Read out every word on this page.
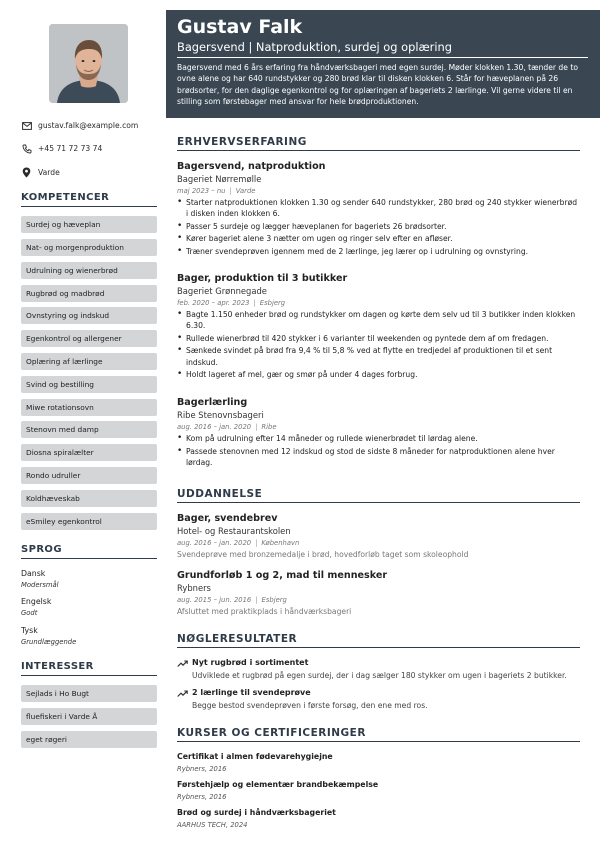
gustav.falk@example.com
+45 71 72 73 74
Varde
KOMPETENCER
Surdej og hæveplan
Nat- og morgenproduktion
Udrulning og wienerbrød
Rugbrød og madbrød
Ovnstyring og indskud
Egenkontrol og allergener
Oplæring af lærlinge
Svind og bestilling
Miwe rotationsovn
Stenovn med damp
Diosna spiralælter
Rondo udruller
Koldhæveskab
eSmiley egenkontrol
SPROG
Dansk
Modersmål
Engelsk
Godt
Tysk
Grundlæggende
INTERESSER
Sejlads i Ho Bugt
fluefiskeri i Varde Å
eget røgeri
Gustav Falk
Bagersvend | Natproduktion, surdej og oplæring
Bagersvend med 6 års erfaring fra håndværksbageri med egen surdej. Møder klokken 1.30, tænder de to ovne alene og har 640 rundstykker og 280 brød klar til disken klokken 6. Står for hæveplanen på 26 brødsorter, for den daglige egenkontrol og for oplæringen af bageriets 2 lærlinge. Vil gerne videre til en stilling som førstebager med ansvar for hele brødproduktionen.
ERHVERVSERFARING
Bagersvend, natproduktion
Bageriet Nørremølle
maj 2023 – nu | Varde
• Starter natproduktionen klokken 1.30 og sender 640 rundstykker, 280 brød og 240 stykker wienerbrød i disken inden klokken 6.
• Passer 5 surdeje og lægger hæveplanen for bageriets 26 brødsorter.
• Kører bageriet alene 3 nætter om ugen og ringer selv efter en afløser.
• Træner svendeprøven igennem med de 2 lærlinge, jeg lærer op i udrulning og ovnstyring.
Bager, produktion til 3 butikker
Bageriet Grønnegade
feb. 2020 – apr. 2023 | Esbjerg
• Bagte 1.150 enheder brød og rundstykker om dagen og kørte dem selv ud til 3 butikker inden klokken 6.30.
• Rullede wienerbrød til 420 stykker i 6 varianter til weekenden og pyntede dem af om fredagen.
• Sænkede svindet på brød fra 9,4 % til 5,8 % ved at flytte en tredjedel af produktionen til et sent indskud.
• Holdt lageret af mel, gær og smør på under 4 dages forbrug.
Bagerlærling
Ribe Stenovnsbageri
aug. 2016 – jan. 2020 | Ribe
• Kom på udrulning efter 14 måneder og rullede wienerbrødet til lørdag alene.
• Passede stenovnen med 12 indskud og stod de sidste 8 måneder for natproduktionen alene hver lørdag.
UDDANNELSE
Bager, svendebrev
Hotel- og Restaurantskolen
aug. 2016 – jan. 2020 | København
Svendeprøve med bronzemedalje i brød, hovedforløb taget som skoleophold
Grundforløb 1 og 2, mad til mennesker
Rybners
aug. 2015 – jun. 2016 | Esbjerg
Afsluttet med praktikplads i håndværksbageri
NØGLERESULTATER
Nyt rugbrød i sortimentet
Udviklede et rugbrød på egen surdej, der i dag sælger 180 stykker om ugen i bageriets 2 butikker.
2 lærlinge til svendeprøve
Begge bestod svendeprøven i første forsøg, den ene med ros.
KURSER OG CERTIFICERINGER
Certifikat i almen fødevarehygiejne
Rybners, 2016
Førstehjælp og elementær brandbekæmpelse
Rybners, 2016
Brød og surdej i håndværksbageriet
AARHUS TECH, 2024
